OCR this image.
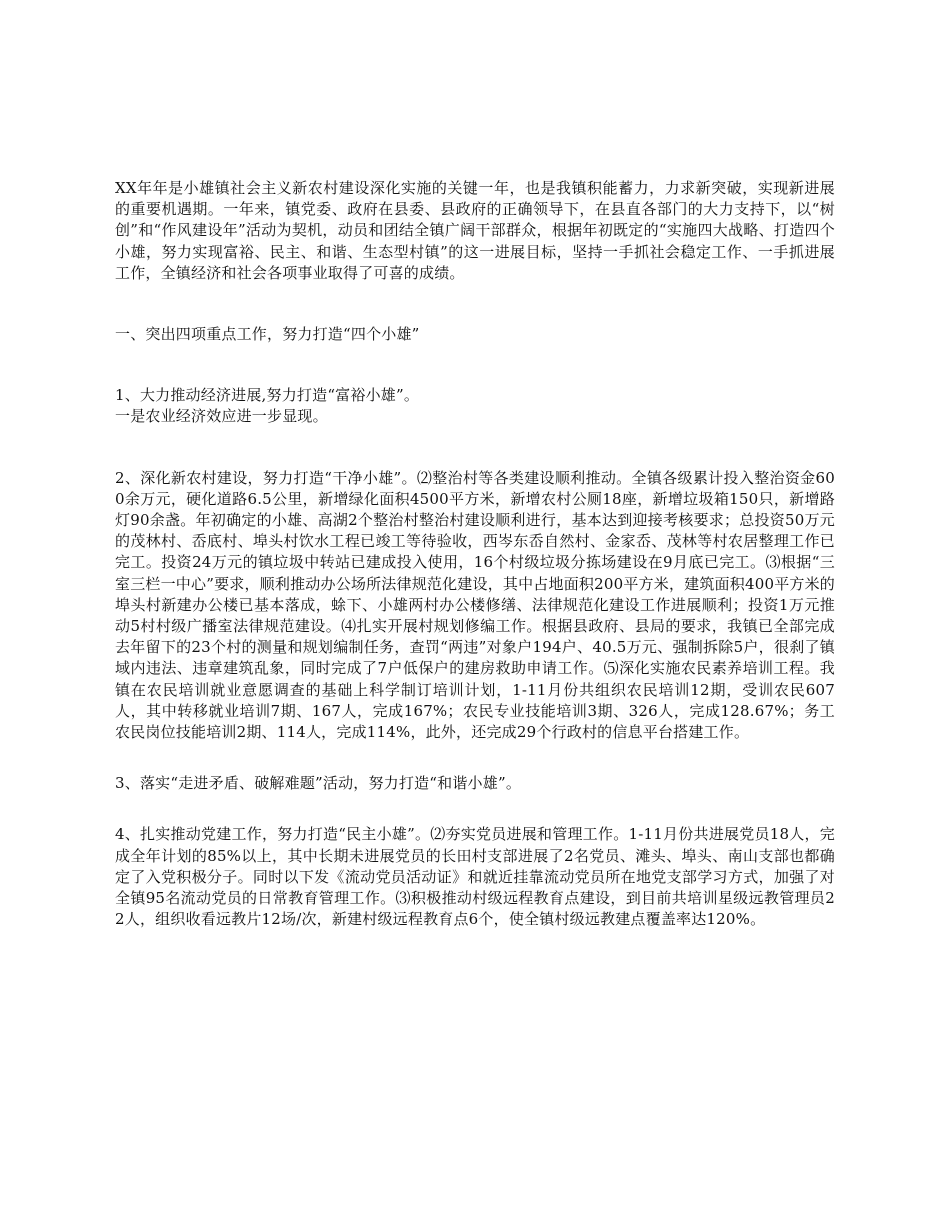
XX年年是小雄镇社会主义新农村建设深化实施的关键一年，也是我镇积能蓄力，力求新突破，实现新进展的重要机遇期。一年来，镇党委、政府在县委、县政府的正确领导下，在县直各部门的大力支持下，以“树创”和“作风建设年”活动为契机，动员和团结全镇广阔干部群众，根据年初既定的“实施四大战略、打造四个小雄，努力实现富裕、民主、和谐、生态型村镇”的这一进展目标，坚持一手抓社会稳定工作、一手抓进展工作，全镇经济和社会各项事业取得了可喜的成绩。

一、突出四项重点工作，努力打造“四个小雄”

1、大力推动经济进展,努力打造“富裕小雄”。

一是农业经济效应进一步显现。

2、深化新农村建设，努力打造“干净小雄”。⑵整治村等各类建设顺利推动。全镇各级累计投入整治资金600余万元，硬化道路6.5公里，新增绿化面积4500平方米，新增农村公厕18座，新增垃圾箱150只，新增路灯90余盏。年初确定的小雄、高湖2个整治村整治村建设顺利进行，基本达到迎接考核要求；总投资50万元的茂林村、岙底村、埠头村饮水工程已竣工等待验收，西岑东岙自然村、金家岙、茂林等村农居整理工作已完工。投资24万元的镇垃圾中转站已建成投入使用，16个村级垃圾分拣场建设在9月底已完工。⑶根据“三室三栏一中心”要求，顺利推动办公场所法律规范化建设，其中占地面积200平方米，建筑面积400平方米的埠头村新建办公楼已基本落成，蜍下、小雄两村办公楼修缮、法律规范化建设工作进展顺利；投资1万元推动5村村级广播室法律规范建设。⑷扎实开展村规划修编工作。根据县政府、县局的要求，我镇已全部完成去年留下的23个村的测量和规划编制任务，查罚“两违”对象户194户、40.5万元、强制拆除5户，很刹了镇域内违法、违章建筑乱象，同时完成了7户低保户的建房救助申请工作。⑸深化实施农民素养培训工程。我镇在农民培训就业意愿调查的基础上科学制订培训计划，1-11月份共组织农民培训12期，受训农民607人，其中转移就业培训7期、167人，完成167%；农民专业技能培训3期、326人，完成128.67%；务工农民岗位技能培训2期、114人，完成114%，此外，还完成29个行政村的信息平台搭建工作。

3、落实“走进矛盾、破解难题”活动，努力打造“和谐小雄”。

4、扎实推动党建工作，努力打造“民主小雄”。⑵夯实党员进展和管理工作。1-11月份共进展党员18人，完成全年计划的85%以上，其中长期未进展党员的长田村支部进展了2名党员、滩头、埠头、南山支部也都确定了入党积极分子。同时以下发《流动党员活动证》和就近挂靠流动党员所在地党支部学习方式，加强了对全镇95名流动党员的日常教育管理工作。⑶积极推动村级远程教育点建设，到目前共培训星级远教管理员22人，组织收看远教片12场/次，新建村级远程教育点6个，使全镇村级远教建点覆盖率达120%。
